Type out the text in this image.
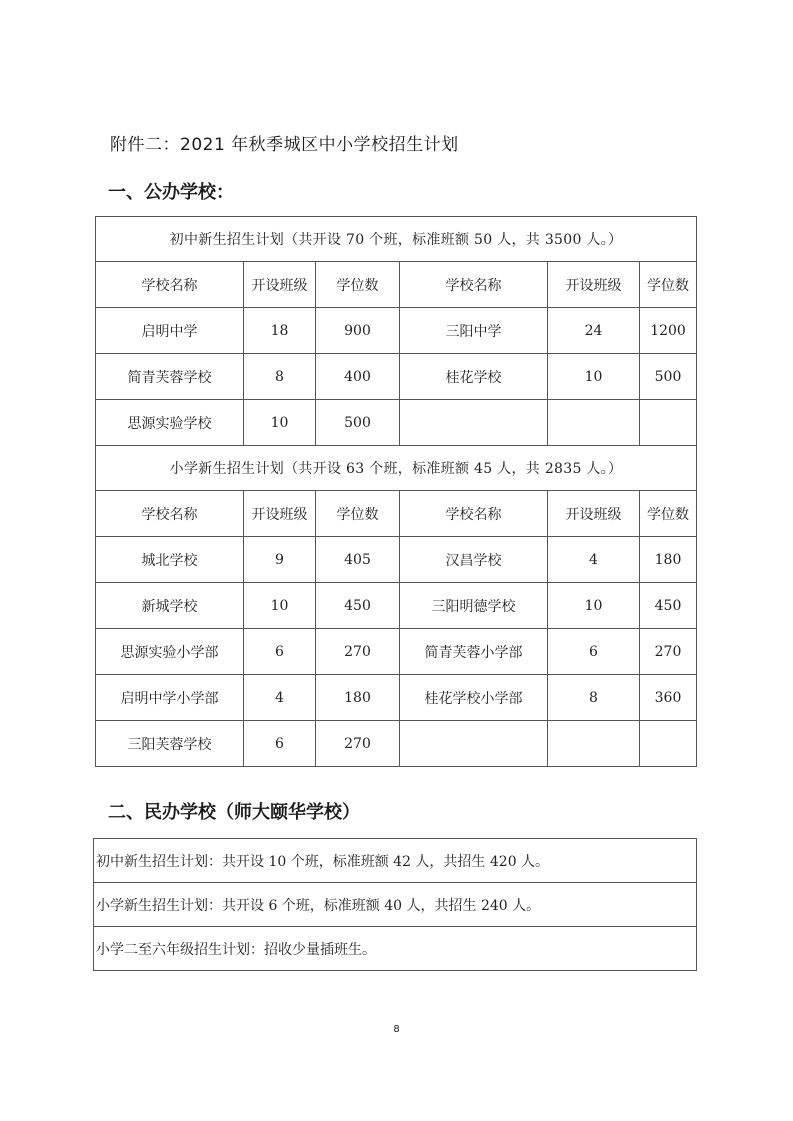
附件二：2021 年秋季城区中小学校招生计划
一、公办学校：
初中新生招生计划（共开设 70 个班，标准班额 50 人，共 3500 人。）					
学校名称	开设班级	学位数	学校名称	开设班级	学位数
启明中学	18	900	三阳中学	24	1200
简青芙蓉学校	8	400	桂花学校	10	500
思源实验学校	10	500			
小学新生招生计划（共开设 63 个班，标准班额 45 人，共 2835 人。）					
学校名称	开设班级	学位数	学校名称	开设班级	学位数
城北学校	9	405	汉昌学校	4	180
新城学校	10	450	三阳明德学校	10	450
思源实验小学部	6	270	简青芙蓉小学部	6	270
启明中学小学部	4	180	桂花学校小学部	8	360
三阳芙蓉学校	6	270			
二、民办学校（师大颐华学校）
初中新生招生计划：共开设 10 个班，标准班额 42 人，共招生 420 人。
小学新生招生计划：共开设 6 个班，标准班额 40 人，共招生 240 人。
小学二至六年级招生计划：招收少量插班生。
8
